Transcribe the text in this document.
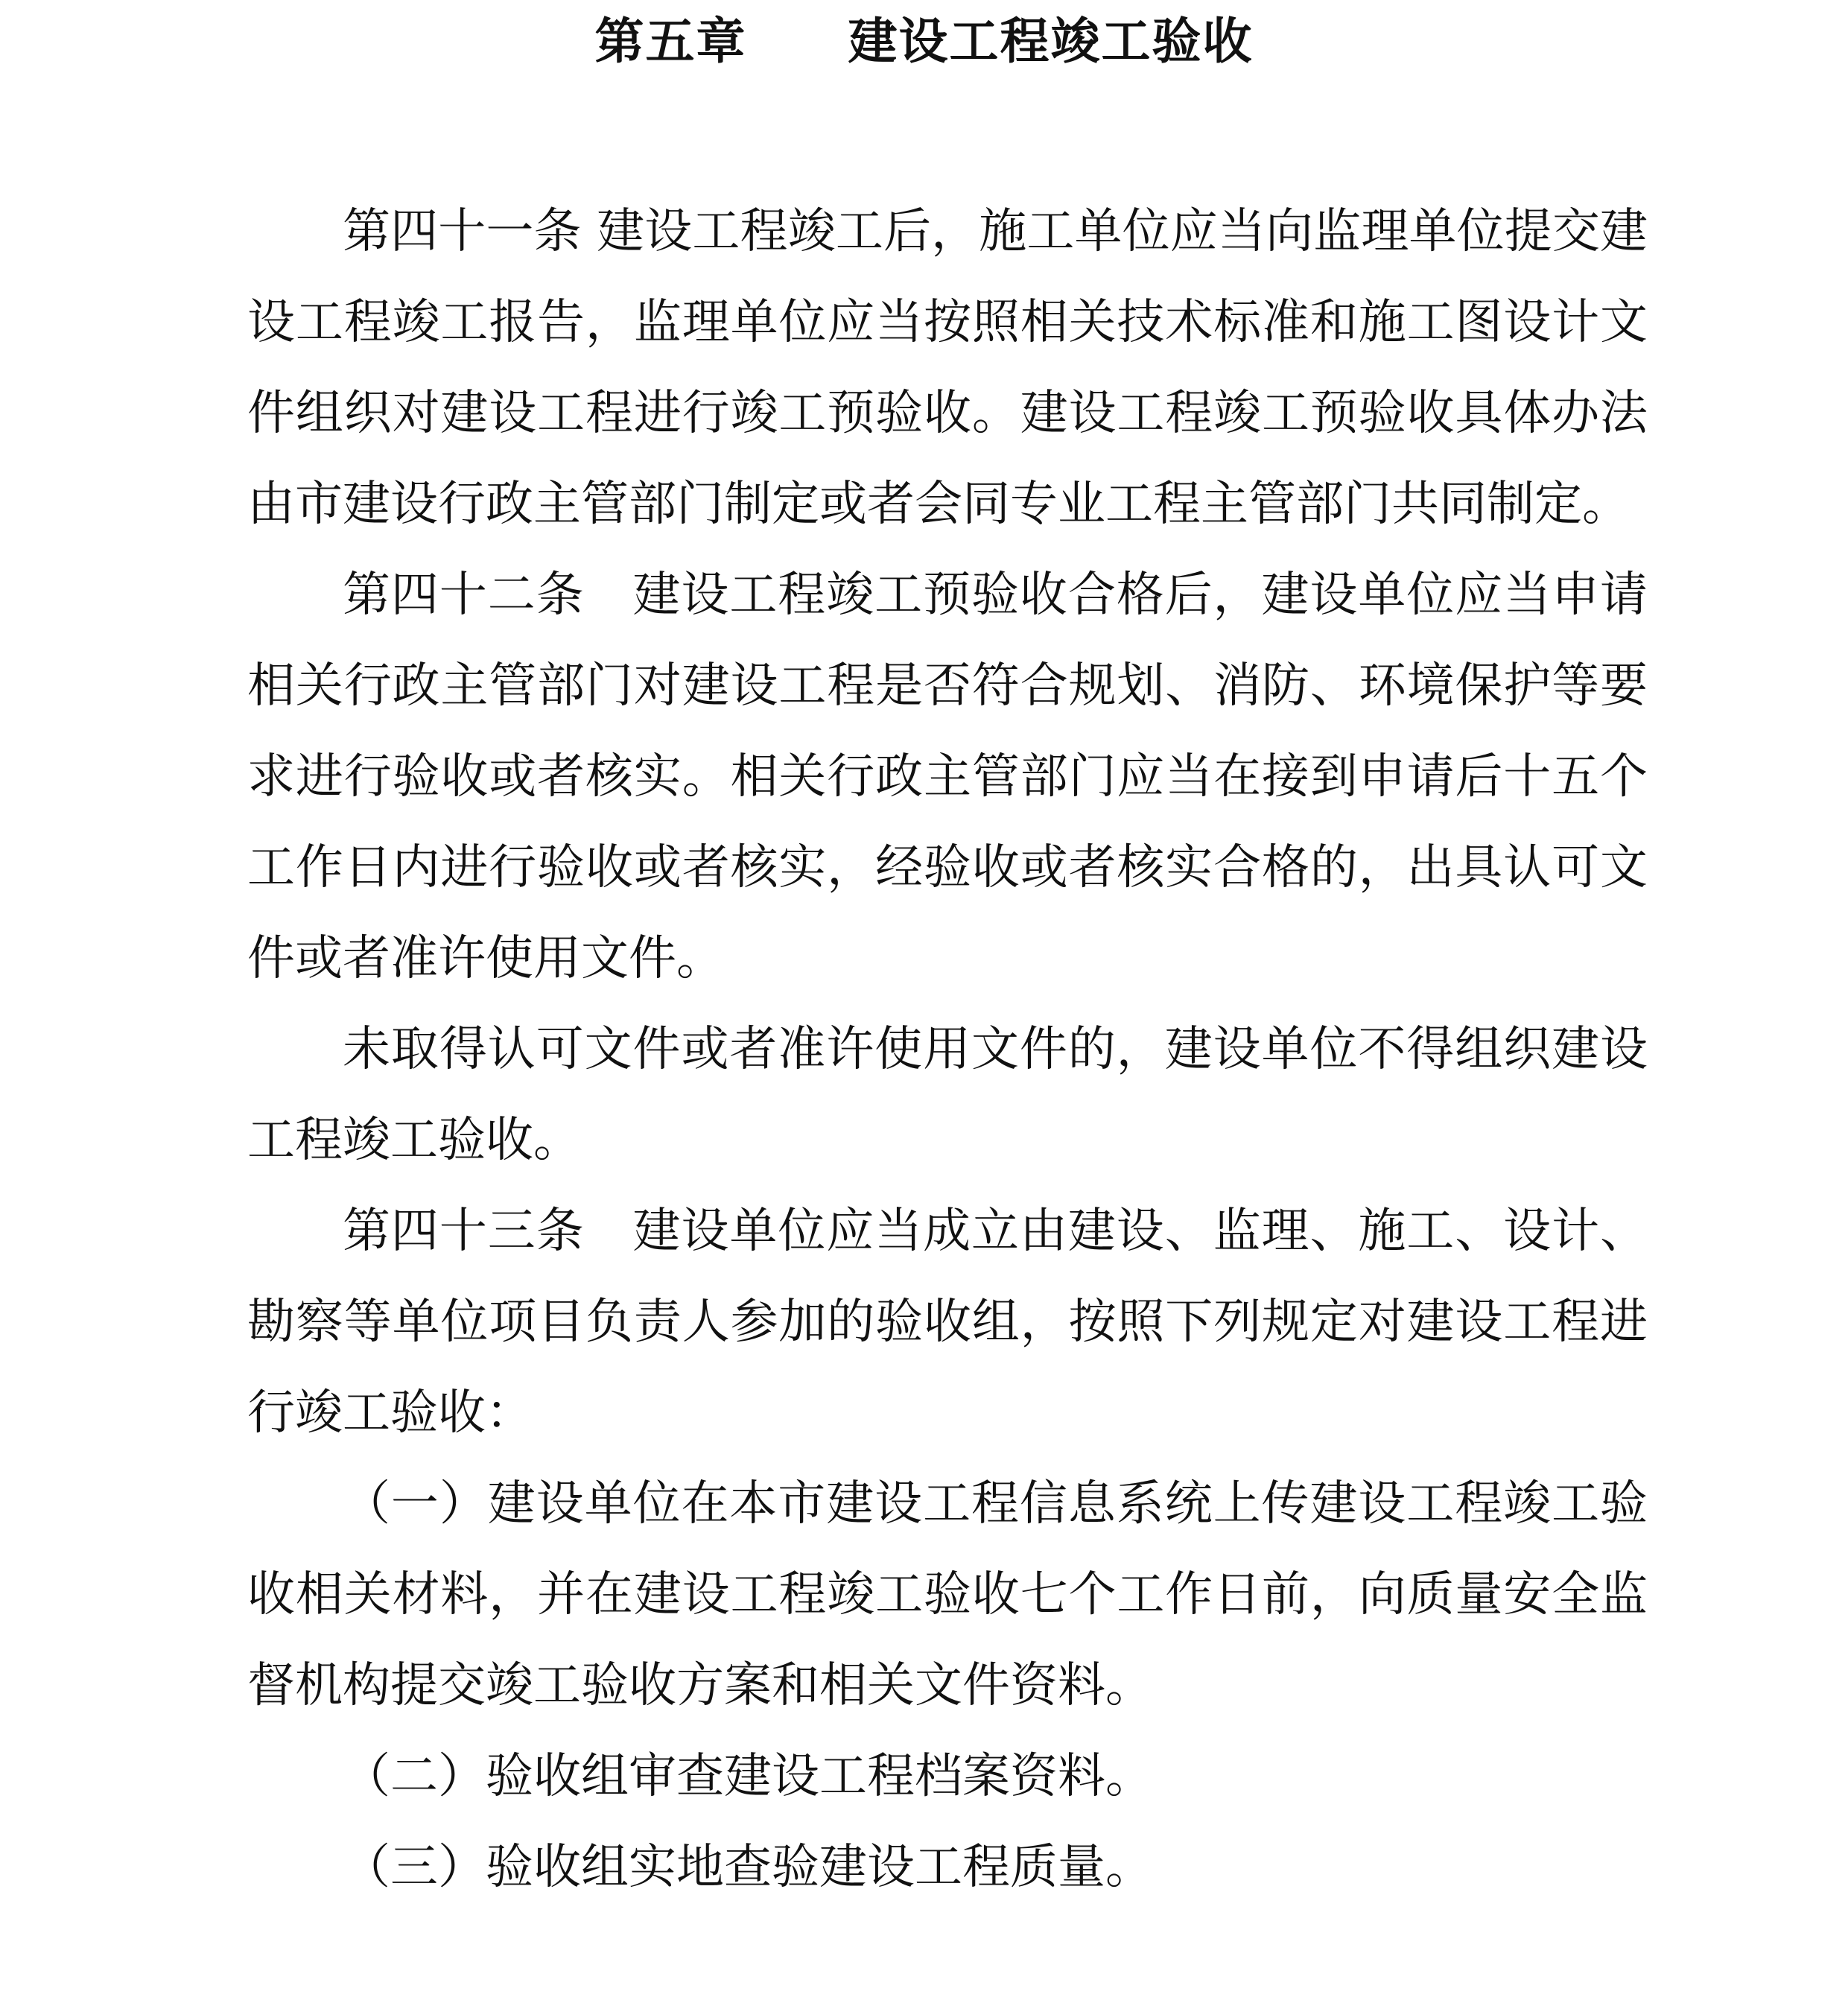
第五章　　建设工程竣工验收

第四十一条 建设工程竣工后，施工单位应当向监理单位提交建设工程竣工报告，监理单位应当按照相关技术标准和施工图设计文件组织对建设工程进行竣工预验收。建设工程竣工预验收具体办法由市建设行政主管部门制定或者会同专业工程主管部门共同制定。

第四十二条　建设工程竣工预验收合格后，建设单位应当申请相关行政主管部门对建设工程是否符合规划、消防、环境保护等要求进行验收或者核实。相关行政主管部门应当在接到申请后十五个工作日内进行验收或者核实，经验收或者核实合格的，出具认可文件或者准许使用文件。

未取得认可文件或者准许使用文件的，建设单位不得组织建设工程竣工验收。

第四十三条　建设单位应当成立由建设、监理、施工、设计、勘察等单位项目负责人参加的验收组，按照下列规定对建设工程进行竣工验收：

（一）建设单位在本市建设工程信息系统上传建设工程竣工验收相关材料，并在建设工程竣工验收七个工作日前，向质量安全监督机构提交竣工验收方案和相关文件资料。

（二）验收组审查建设工程档案资料。

（三）验收组实地查验建设工程质量。
